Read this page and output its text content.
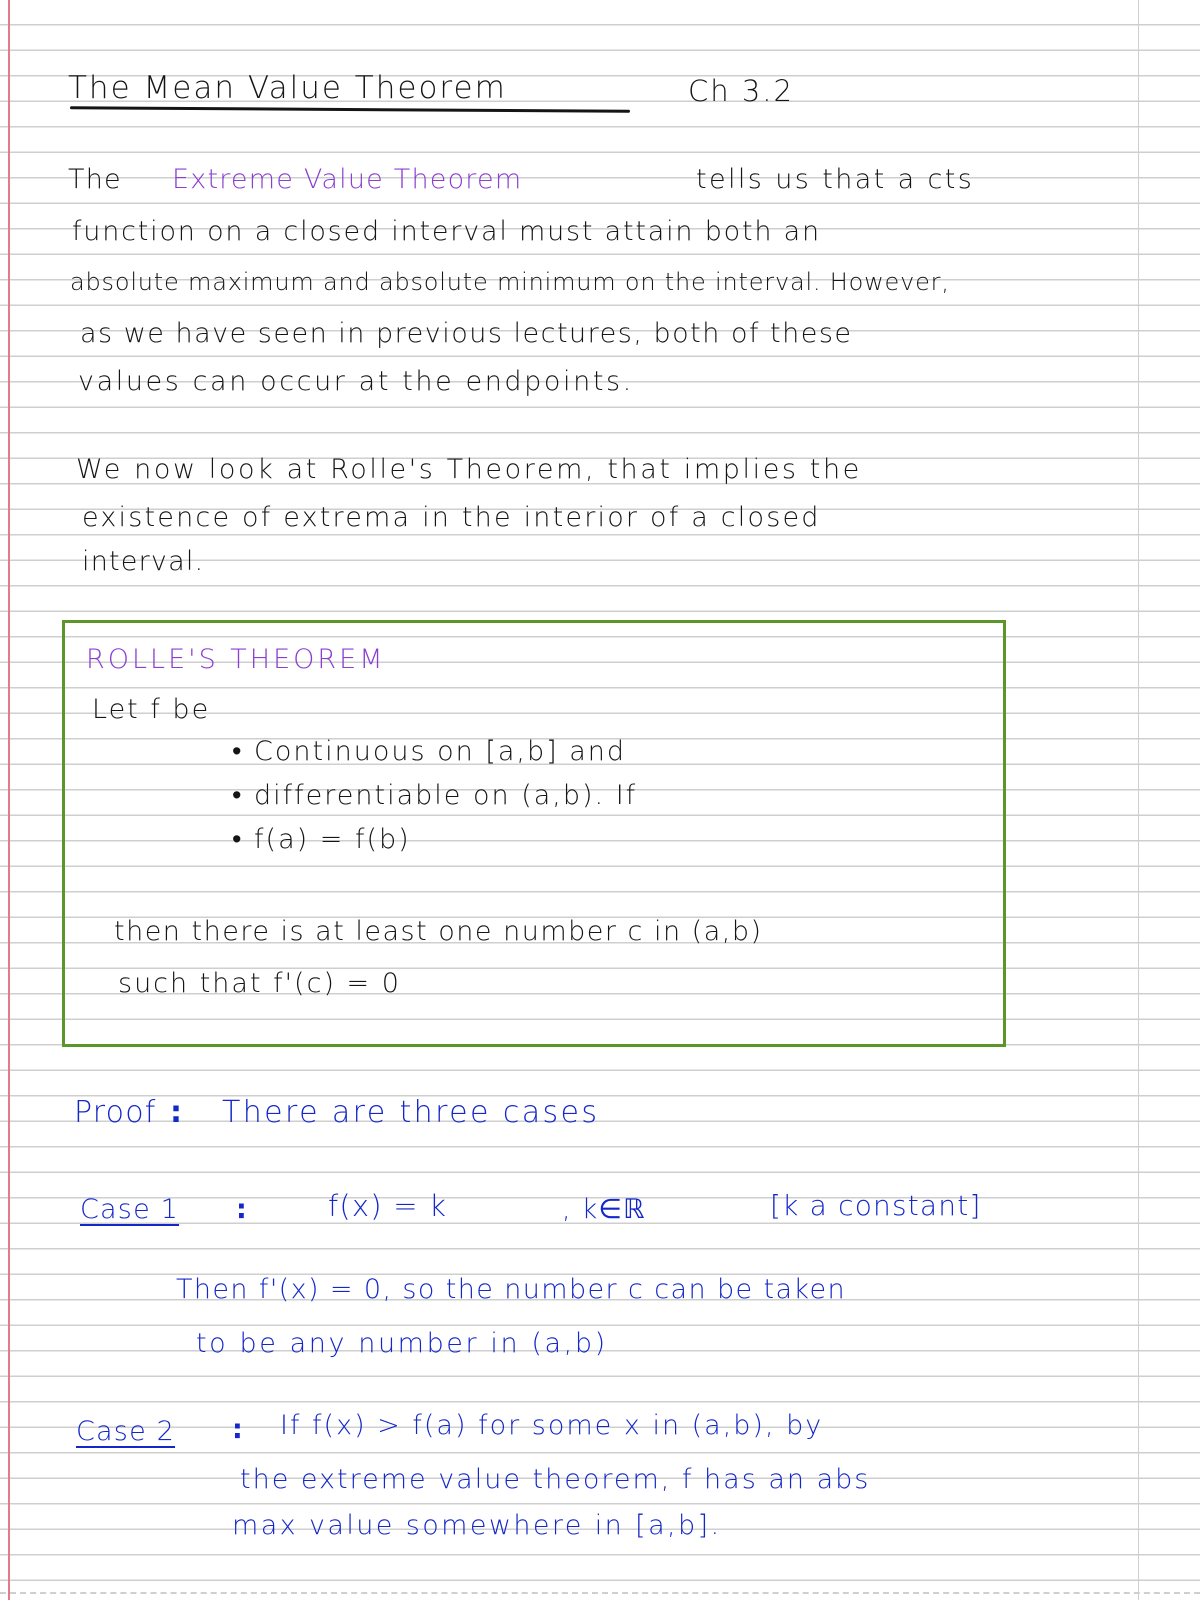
The Mean Value Theorem	Ch 3.2

The Extreme Value Theorem	tells us that a cts

function on a closed interval must attain both an

absolute maximum and absolute minimum on the interval. However,

as we have seen in previous lectures, both of these

values can occur at the endpoints.

We now look at Rolle's Theorem, that implies the

existence of extrema in the interior of a closed

interval.

ROLLE'S THEOREM

Let f be

• Continuous on [a,b] and

• differentiable on (a,b). If

• f(a) = f(b)

then there is at least one number c in (a,b)

such that f'(c) = 0

Proof : There are three cases

Case 1 :	f(x) = k	, k∈ℝ	[k a constant]

Then f'(x) = 0, so the number c can be taken

to be any number in (a,b)

Case 2 : If f(x) > f(a) for some x in (a,b), by

the extreme value theorem, f has an abs

max value somewhere in [a,b].
